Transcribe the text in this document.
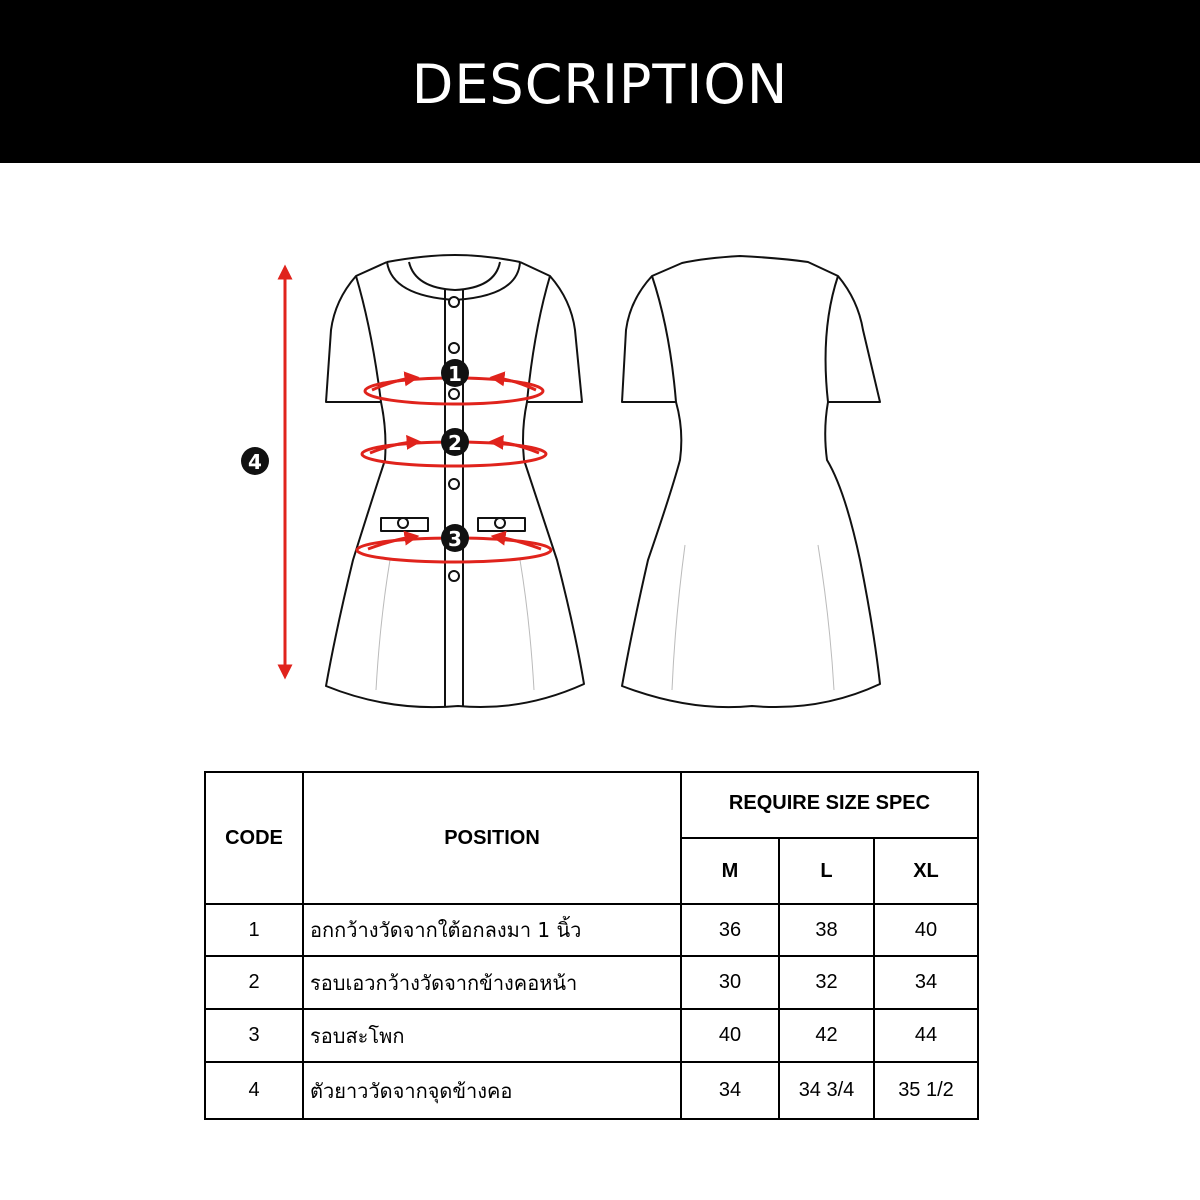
DESCRIPTION
1
2
3
4
CODE	POSITION	REQUIRE SIZE SPEC		
		M	L	XL
1	อกกว้างวัดจากใต้อกลงมา 1 นิ้ว	36	38	40
2	รอบเอวกว้างวัดจากข้างคอหน้า	30	32	34
3	รอบสะโพก	40	42	44
4	ตัวยาววัดจากจุดข้างคอ	34	34 3/4	35 1/2
